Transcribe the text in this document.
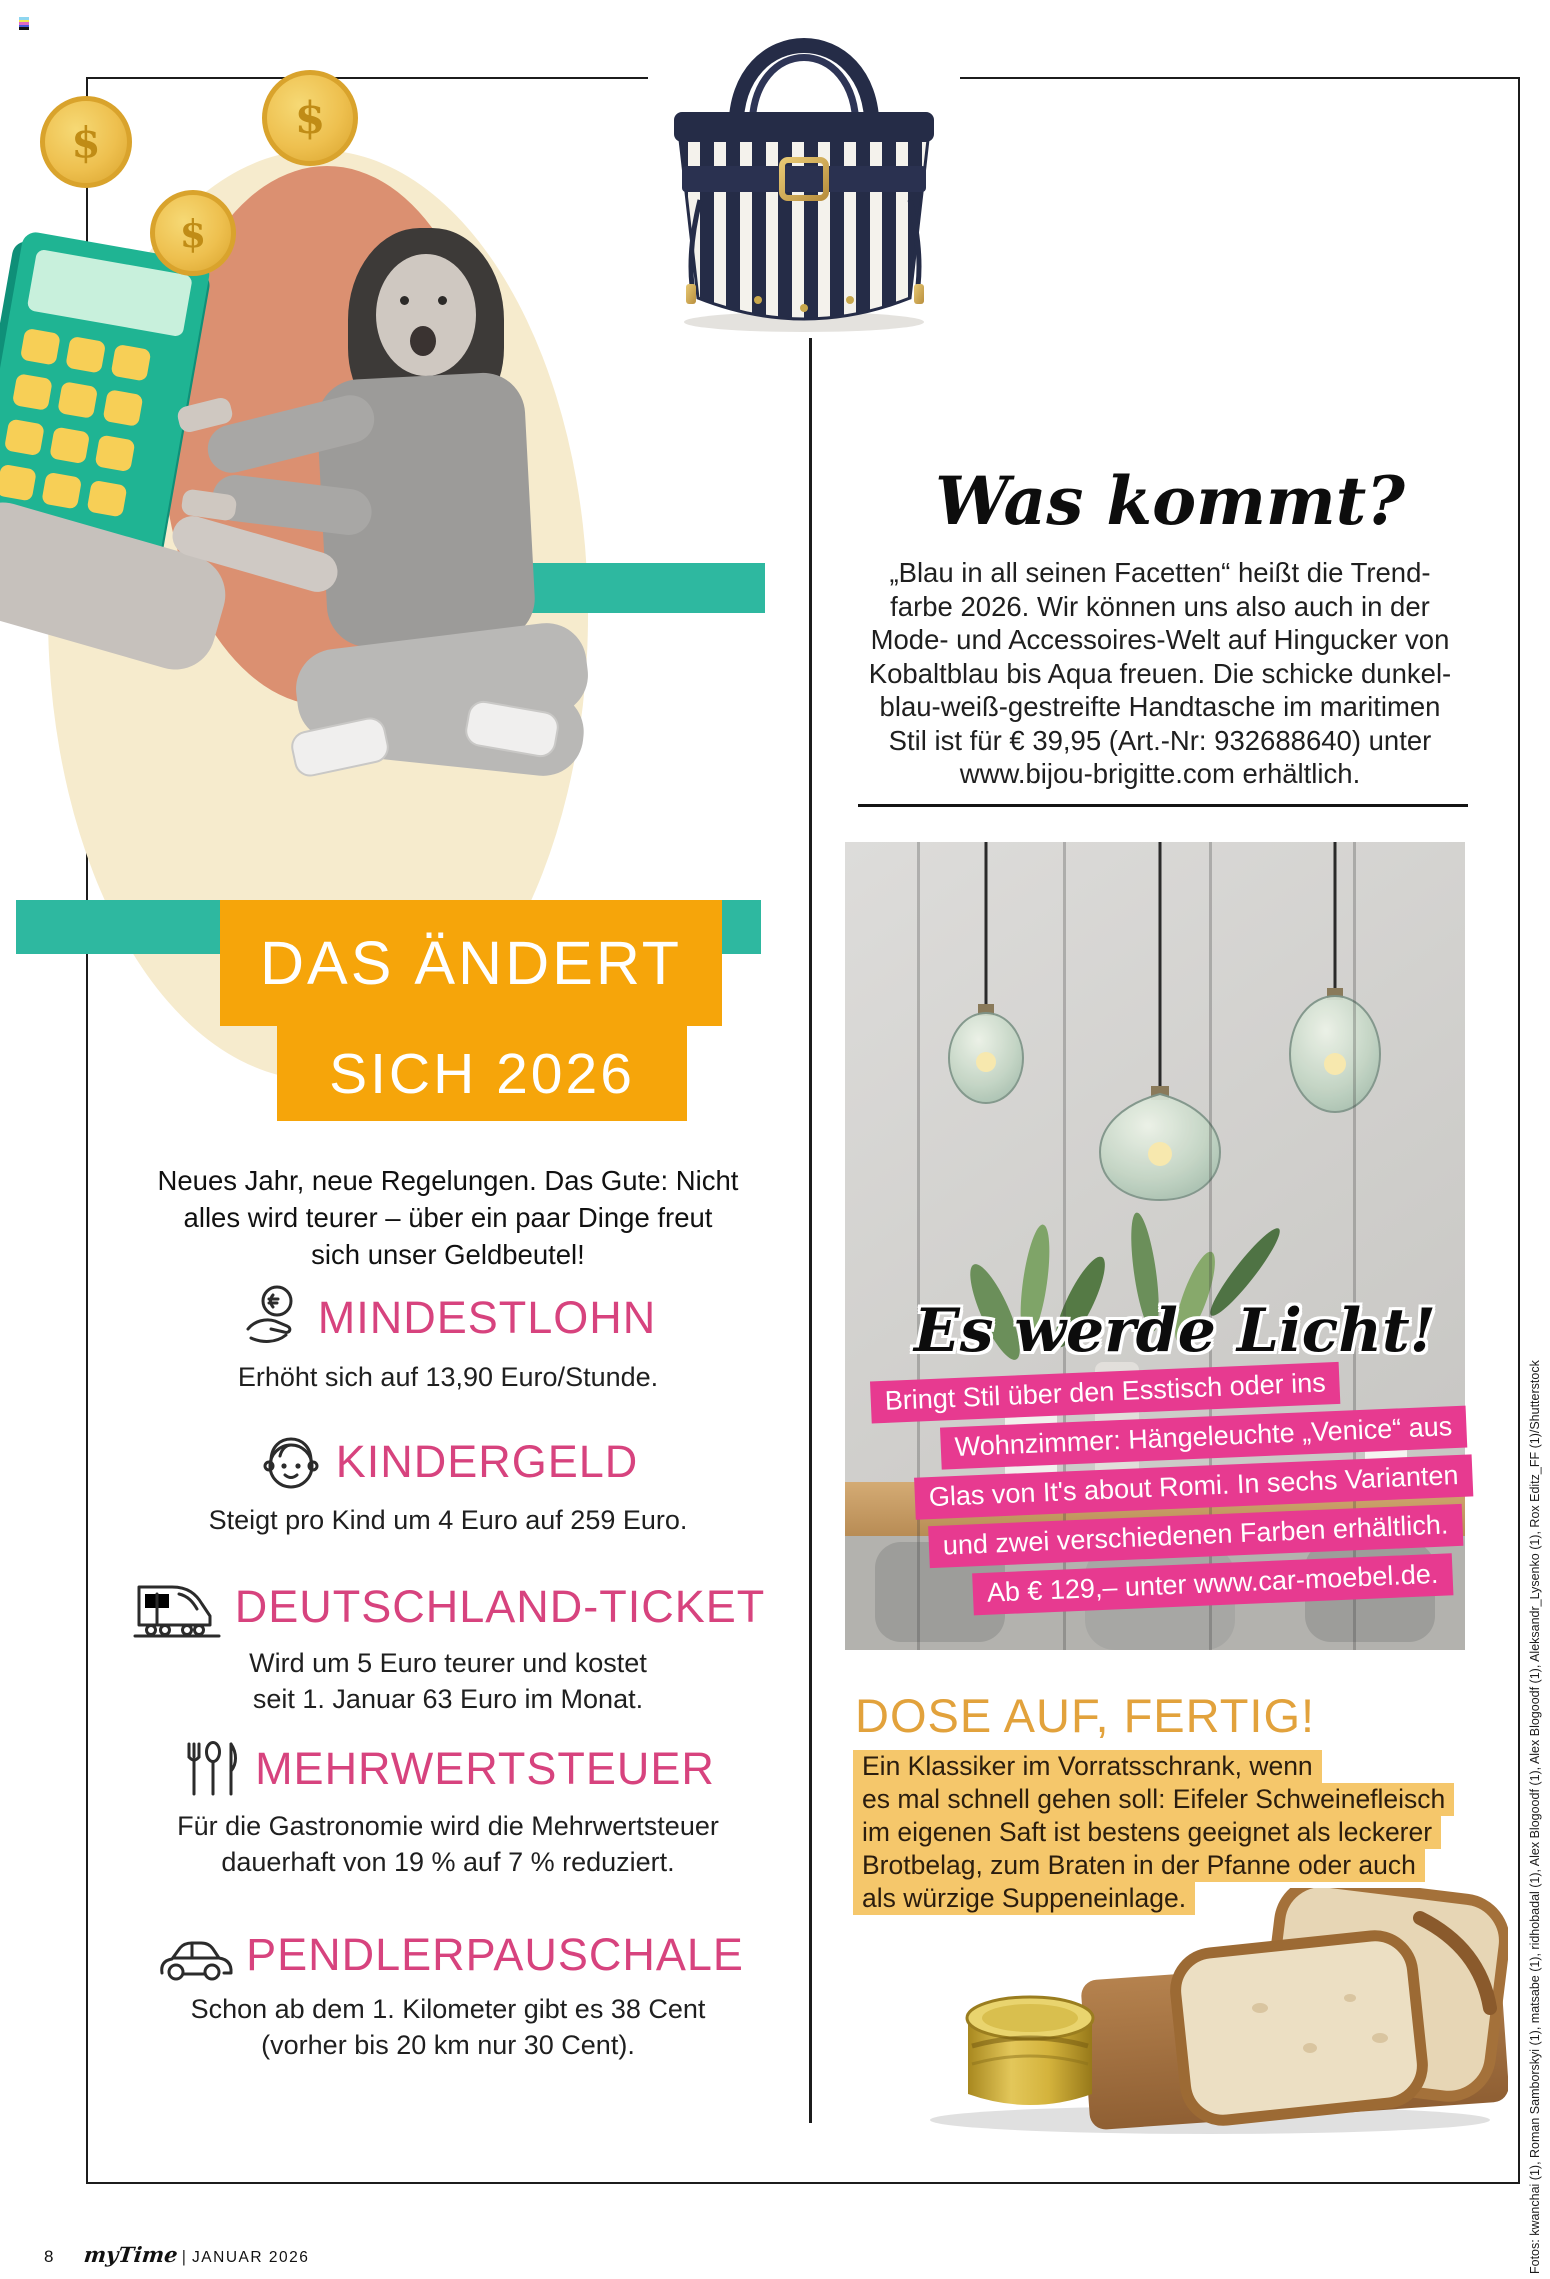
$
$
$
Was kommt?
„Blau in all seinen Facetten“ heißt die Trend-
farbe 2026. Wir können uns also auch in der
Mode- und Accessoires-Welt auf Hingucker von
Kobaltblau bis Aqua freuen. Die schicke dunkel-
blau-weiß-gestreifte Handtasche im maritimen
Stil ist für € 39,95 (Art.-Nr: 932688640) unter
www.bijou-brigitte.com erhältlich.
DAS ÄNDERT
SICH 2026
Neues Jahr, neue Regelungen. Das Gute: Nicht
alles wird teurer – über ein paar Dinge freut
sich unser Geldbeutel!
MINDESTLOHN
Erhöht sich auf 13,90 Euro/Stunde.
KINDERGELD
Steigt pro Kind um 4 Euro auf 259 Euro.
DEUTSCHLAND-TICKET
Wird um 5 Euro teurer und kostet
seit 1. Januar 63 Euro im Monat.
MEHRWERTSTEUER
Für die Gastronomie wird die Mehrwertsteuer
dauerhaft von 19 % auf 7 % reduziert.
PENDLERPAUSCHALE
Schon ab dem 1. Kilometer gibt es 38 Cent
(vorher bis 20 km nur 30 Cent).
Es werde Licht!
Bringt Stil über den Esstisch oder ins
Wohnzimmer: Hängeleuchte „Venice“ aus
Glas von It's about Romi. In sechs Varianten
und zwei verschiedenen Farben erhältlich.
Ab € 129,– unter www.car-moebel.de.
DOSE AUF, FERTIG!
Ein Klassiker im Vorratsschrank, wenn
es mal schnell gehen soll: Eifeler Schweinefleisch
im eigenen Saft ist bestens geeignet als leckerer
Brotbelag, zum Braten in der Pfanne oder auch
als würzige Suppeneinlage.	Fotos: kwanchai (1), Roman Samborskyi (1), matsabe (1), ridhobadal (1), Alex Blogoodf (1), Alex Blogoodf (1), Aleksandr_Lysenko (1), Rox Editz_FF (1)/Shutterstock
8	myTime | JANUAR 2026
